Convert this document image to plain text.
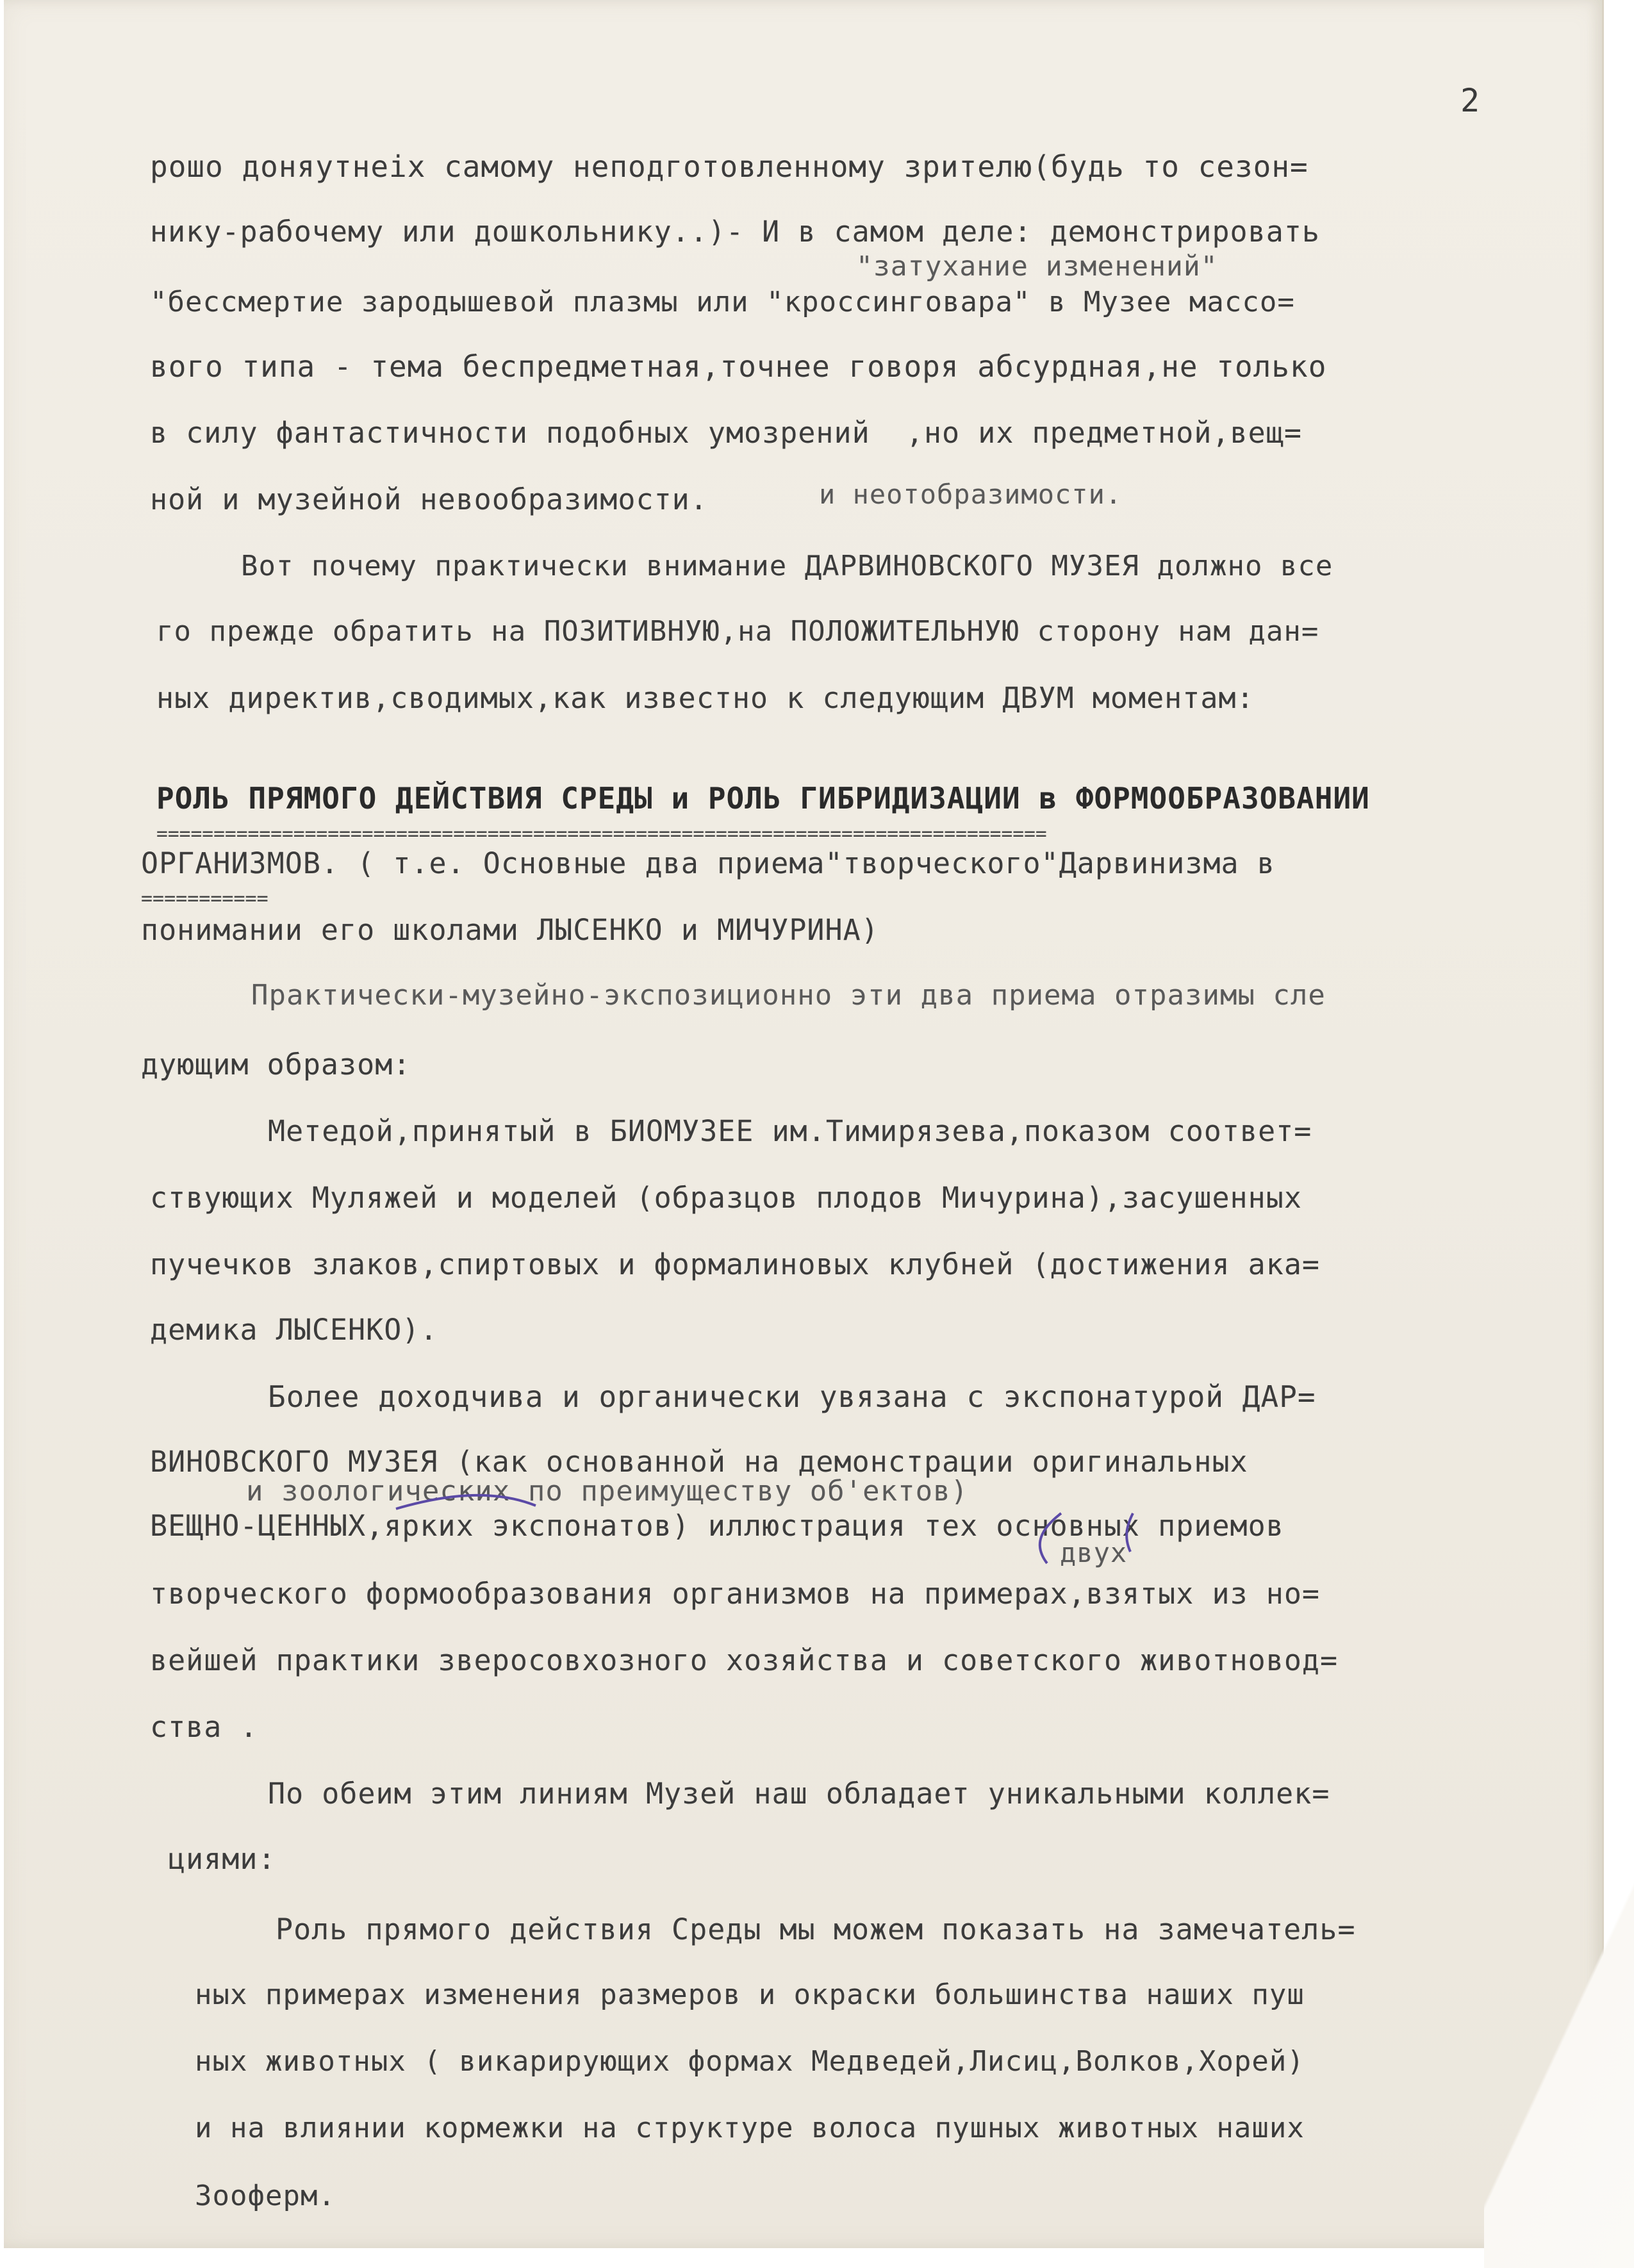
2
рошо доняутнеіх самому неподготовленному зрителю(будь то сезон=
нику-рабочему или дошкольнику..)- И в самом деле: демонстрировать
"затухание изменений"
"бессмертие зародышевой плазмы или "кроссинговара" в Музее массо=
вого типа - тема беспредметная,точнее говоря абсурдная,не только
в силу фантастичности подобных умозрений  ,но их предметной,вещ=
ной и музейной невообразимости.	и неотобразимости.
Вот почему практически внимание ДАРВИНОВСКОГО МУЗЕЯ должно все
го прежде обратить на ПОЗИТИВНУЮ,на ПОЛОЖИТЕЛЬНУЮ сторону нам дан=
ных директив,сводимых,как известно к следующим ДВУМ моментам:
РОЛЬ ПРЯМОГО ДЕЙСТВИЯ СРЕДЫ и РОЛЬ ГИБРИДИЗАЦИИ в ФОРМООБРАЗОВАНИИ
==============================================================================
ОРГАНИЗМОВ. ( т.е. Основные два приема"творческого"Дарвинизма в
===========
понимании его школами ЛЫСЕНКО и МИЧУРИНА)
Практически-музейно-экспозиционно эти два приема отразимы сле
дующим образом:
Метедой,принятый в БИОМУЗЕЕ им.Тимирязева,показом соответ=
ствующих Муляжей и моделей (образцов плодов Мичурина),засушенных
пучечков злаков,спиртовых и формалиновых клубней (достижения ака=
демика ЛЫСЕНКО).
Более доходчива и органически увязана с экспонатурой ДАР=
ВИНОВСКОГО МУЗЕЯ (как основанной на демонстрации оригинальных
и зоологических по преимуществу об'ектов)
ВЕЩНО-ЦЕННЫХ,ярких экспонатов) иллюстрация тех основных приемов
двух
творческого формообразования организмов на примерах,взятых из но=
вейшей практики зверосовхозного хозяйства и советского животновод=
ства .
По обеим этим линиям Музей наш обладает уникальными коллек=
циями:
Роль прямого действия Среды мы можем показать на замечатель=
ных примерах изменения размеров и окраски большинства наших пуш
ных животных ( викарирующих формах Медведей,Лисиц,Волков,Хорей)
и на влиянии кормежки на структуре волоса пушных животных наших
Зооферм.
